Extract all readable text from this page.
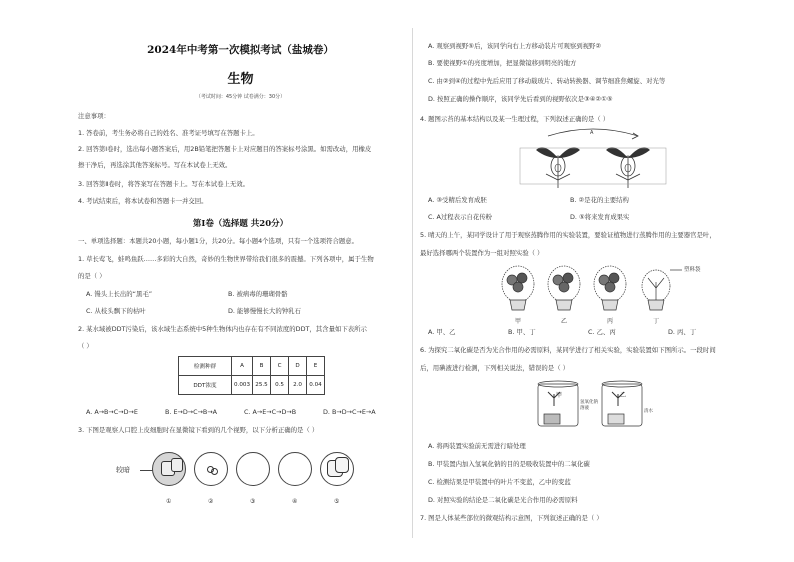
2024年中考第一次模拟考试（盐城卷）
生物
（考试时间：45分钟 试卷满分：30分）
注意事项：
1. 答卷前，考生务必将自己的姓名、准考证号填写在答题卡上。
2. 回答第Ⅰ卷时，选出每小题答案后，用2B铅笔把答题卡上对应题目的答案标号涂黑。如需改动，用橡皮
擦干净后，再选涂其他答案标号。写在本试卷上无效。
3. 回答第Ⅱ卷时，将答案写在答题卡上。写在本试卷上无效。
4. 考试结束后，将本试卷和答题卡一并交回。
第Ⅰ卷（选择题 共20分）
一、单项选择题：本题共20小题，每小题1分，共20分。每小题4个选项，只有一个选项符合题意。
1. 草长莺飞，蛙鸣鱼跃……多彩的大自然，奇妙的生物世界带给我们很多的震撼。下列各项中，属于生物
的是（ ）
A. 馒头上长出的“黑毛”	B. 被病毒的珊瑚骨骼
C. 从枝头飘下的枯叶	D. 能够慢慢长大的钟乳石
2. 某水域被DDT污染后，该水域生态系统中5种生物体内也存在有不同浓度的DDT，其含量如下表所示
（ ）
检测种群	A	B	C	D	E
DDT浓度	0.003	25.5	0.5	2.0	0.04
A. A→B→C→D→E	B. E→D→C→B→A	C. A→E→C→D→B	D. B→D→C→E→A
3. 下图是观察人口腔上皮细胞时在显微镜下看到的几个视野，以下分析正确的是（ ）
较暗
①	②	③	④	⑤
A. 观察到视野⑤后，该同学向右上方移动装片可观察到视野②
B. 要使视野①的亮度增加，把显微镜移到明亮的地方
C. 由②到④的过程中先后应用了移动载玻片、转动转换器、调节细准焦螺旋、对光等
D. 按照正确的操作顺序，该同学先后看到的视野依次是③④②①⑤
4. 题图示苔的基本结构以及某一生理过程，下列叙述正确的是（ ）
A
A. ③受精后发育成胚	B. ②是花的主要结构
C. A过程表示自花传粉	D. ⑤将来发育成果实
5. 晴天的上午，某同学设计了用于观察蒸腾作用的实验装置，要验证植物进行蒸腾作用的主要器官是叶，
最好选择哪两个装置作为一组对照实验（ ）
塑料袋
甲	乙	丙	丁
A. 甲、乙	B. 甲、丁	C. 乙、丙	D. 丙、丁
6. 为探究二氧化碳是否为光合作用的必需原料，某同学进行了相关实验，实验装置如下图所示。一段时间
后，用碘液进行检测，下列相关说法，错误的是（ ）
氢氧化钠溶液
清水
甲	乙
A. 将两装置实验前无需进行暗处理
B. 甲装置内加入氢氧化钠的目的是吸收装置中的二氧化碳
C. 检测结果是甲装置中的叶片不变蓝，乙中的变蓝
D. 对照实验的结论是二氧化碳是光合作用的必需原料
7. 图是人体某些部位的微观结构示意图，下列叙述正确的是（ ）
